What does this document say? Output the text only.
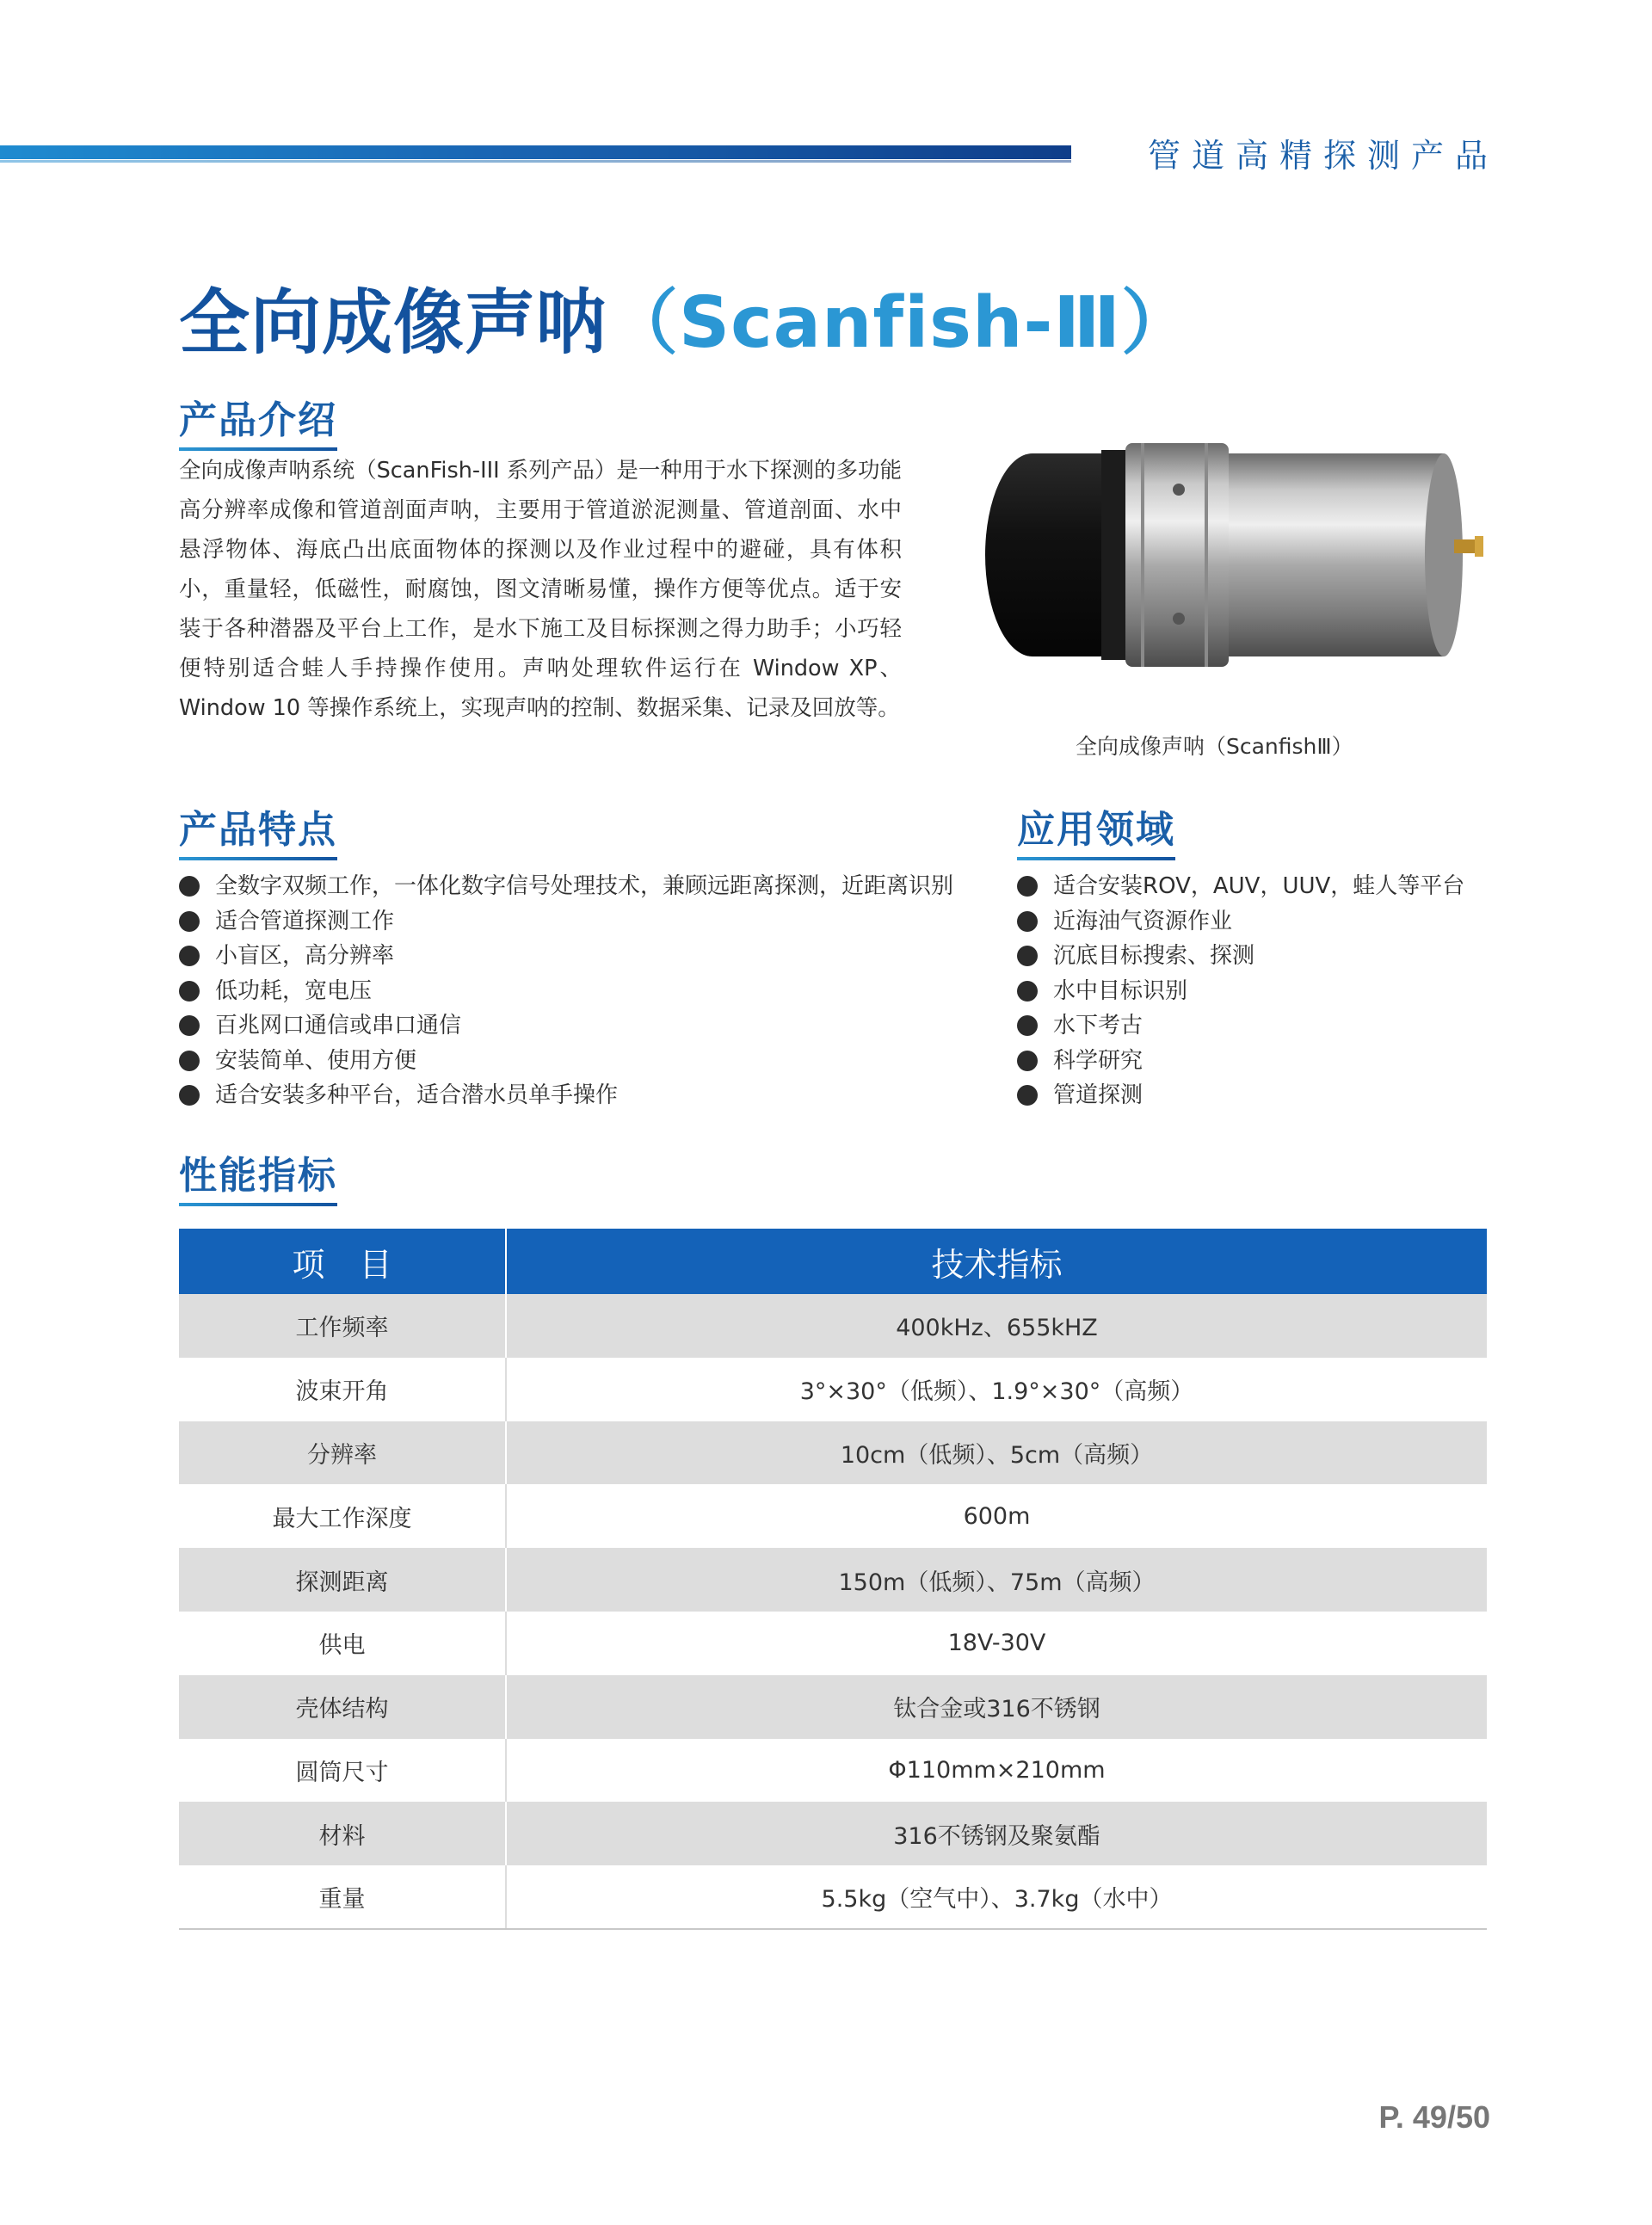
管道高精探测产品
全向成像声呐（Scanfish-Ⅲ）
产品介绍

全向成像声呐系统（ScanFish-III 系列产品）是一种用于水下探测的多功能高分辨率成像和管道剖面声呐，主要用于管道淤泥测量、管道剖面、水中悬浮物体、海底凸出底面物体的探测以及作业过程中的避碰，具有体积小，重量轻，低磁性，耐腐蚀，图文清晰易懂，操作方便等优点。适于安装于各种潜器及平台上工作，是水下施工及目标探测之得力助手；小巧轻便特别适合蛙人手持操作使用。声呐处理软件运行在 Window XP、Window 10 等操作系统上，实现声呐的控制、数据采集、记录及回放等。

全向成像声呐（ScanfishⅢ）
产品特点
全数字双频工作，一体化数字信号处理技术，兼顾远距离探测，近距离识别
适合管道探测工作
小盲区，高分辨率
低功耗，宽电压
百兆网口通信或串口通信
安装简单、使用方便
适合安装多种平台，适合潜水员单手操作
应用领域
适合安装ROV，AUV，UUV，蛙人等平台
近海油气资源作业
沉底目标搜索、探测
水中目标识别
水下考古
科学研究
管道探测
性能指标
项目	技术指标
工作频率	400kHz、655kHZ
波束开角	3°×30°（低频）、1.9°×30°（高频）
分辨率	10cm（低频）、5cm（高频）
最大工作深度	600m
探测距离	150m（低频）、75m（高频）
供电	18V-30V
壳体结构	钛合金或316不锈钢
圆筒尺寸	Φ110mm×210mm
材料	316不锈钢及聚氨酯
重量	5.5kg（空气中）、3.7kg（水中）
P. 49/50
